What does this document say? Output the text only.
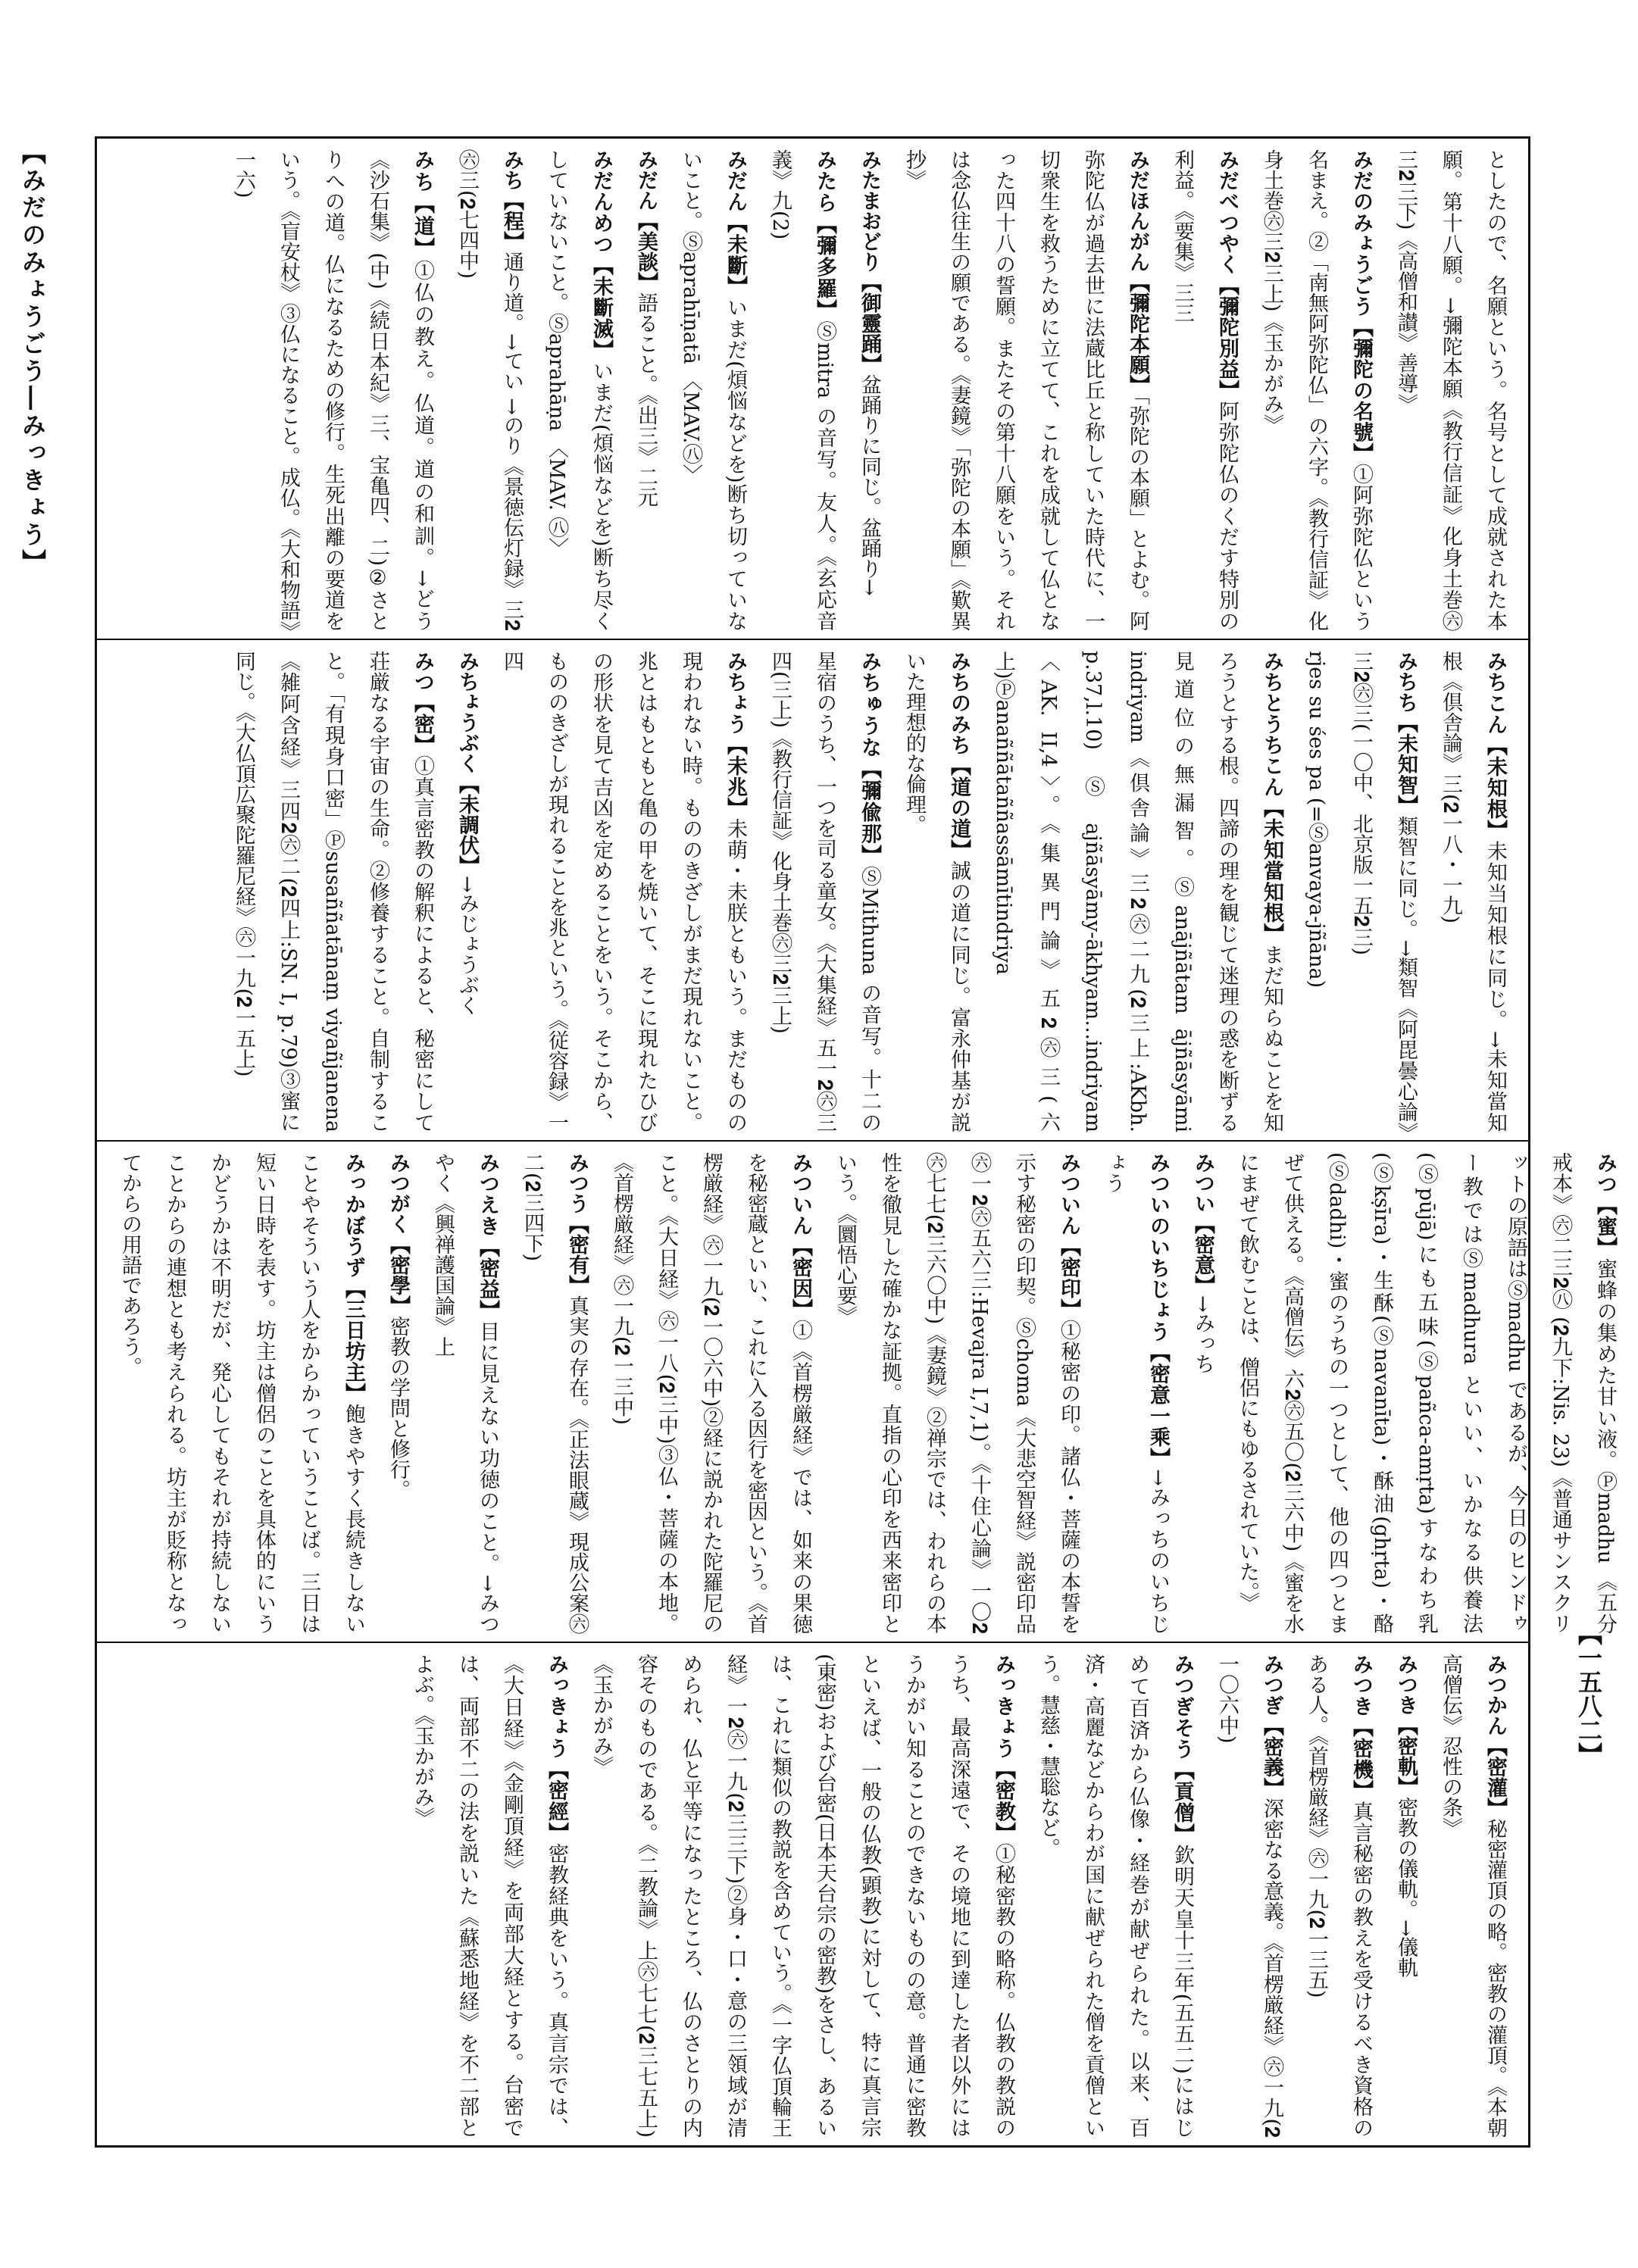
【みだのみょうごう―みっきょう】
【一五八二】

としたので、名願という。名号として成就された本願。第十八願。→彌陀本願《教行信証》化身土巻㊅三𝟐三下)《高僧和讃》善導》

みだのみょうごう【彌陀の名號】①阿弥陀仏という名まえ。②「南無阿弥陀仏」の六字。《教行信証》化身土巻㊅三𝟐三上)《玉かがみ》

みだべつやく【彌陀別益】阿弥陀仏のくだす特別の利益。《要集》三三

みだほんがん【彌陀本願】「弥陀の本願」とよむ。阿弥陀仏が過去世に法蔵比丘と称していた時代に、一切衆生を救うために立てて、これを成就して仏となった四十八の誓願。またその第十八願をいう。それは念仏往生の願である。《妻鏡》「弥陀の本願」《歎異抄》

みたまおどり【御靈踊】盆踊りに同じ。盆踊り→

みたら【彌多羅】Ⓢmitra の音写。友人。《玄応音義》九(2)

みだん【未斷】いまだ(煩悩などを)断ち切っていないこと。Ⓢaprahīṇatā 〈MAV.㊇〉

みだん【美談】語ること。《出三》二元

みだんめつ【未斷滅】いまだ(煩悩などを)断ち尽くしていないこと。Ⓢaprahāṇa 〈MAV. ㊇〉

みち【程】通り道。→てい →のり《景徳伝灯録》三𝟐㊅三(𝟐七四中)

みち【道】①仏の教え。仏道。道の和訓。→どう《沙石集》(中)《続日本紀》三、宝亀四、二)②さとりへの道。仏になるための修行。生死出離の要道をいう。《盲安杖》③仏になること。成仏。《大和物語》一六)

みちこん【未知根】未知当知根に同じ。→未知當知根《倶舎論》三(𝟐一八・一九)

みちち【未知智】類智に同じ。→類智《阿毘曇心論》三𝟐㊅三(一〇中、北京版一五𝟐三)

rjes su śes pa (=Ⓢanvaya-jñāna)

みちとうちこん【未知當知根】まだ知らぬことを知ろうとする根。四諦の理を観じて迷理の惑を断ずる見道位の無漏智。Ⓢanājñātam ājñāsyāmi indriyam《倶舎論》三𝟐㊅二九(𝟐三上:AKbh. p.37,l.10)Ⓢajñāsyāmy-ākhyam…indriyam 〈AK. II,4〉。《集異門論》五𝟐㊅三(六上)Ⓟanaññātaññassāmītindriya

みちのみち【道の道】誠の道に同じ。富永仲基が説いた理想的な倫理。

みちゅうな【彌偸那】ⓈMithuna の音写。十二の星宿のうち、一つを司る童女。《大集経》五一𝟐㊅三四(三上)《教行信証》化身土巻㊅三𝟐三上)

みちょう【未兆】未萌・未朕ともいう。まだものの現われない時。もののきざしがまだ現れないこと。兆とはもともと亀の甲を焼いて、そこに現れたひびの形状を見て吉凶を定めることをいう。そこから、もののきざしが現れることを兆という。《従容録》一四

みちょうぶく【未調伏】→みじょうぶく

みつ【密】①真言密教の解釈によると、秘密にして荘厳なる宇宙の生命。②修養すること。自制すること。「有現身口密」Ⓟsusaññatānaṃ viyañjanena《雑阿含経》三四𝟐㊅二(𝟐四上:SN. I, p.79)③蜜に同じ。《大仏頂広聚陀羅尼経》㊅一九(𝟐一五上)

みつ【蜜】蜜蜂の集めた甘い液。Ⓟmadhu 《五分戒本》㊅二三𝟐㊇ (𝟐九下:Nis. 23)《普通サンスクリットの原語はⓈmadhu であるが、今日のヒンドゥー教ではⓈmadhura といい、いかなる供養法(Ⓢpūjā)にも五味(Ⓢpañca-amṛta)すなわち乳(Ⓢkṣīra)・生酥(Ⓢnavanīta)・酥油(ghṛta)・酪(Ⓢdadhi)・蜜のうちの一つとして、他の四つとまぜて供える。《高僧伝》六𝟐㊅五〇(𝟐三六中)《蜜を水にまぜて飲むことは、僧侶にもゆるされていた。》

みつい【密意】→みっち

みついのいちじょう【密意一乘】→みっちのいちじょう

みついん【密印】①秘密の印。諸仏・菩薩の本誓を示す秘密の印契。Ⓢchoma《大悲空智経》説密印品㊅一𝟐㊅五六三:Hevajra I,7,1)。《十住心論》一〇𝟐㊅七七(𝟐三六〇中)《妻鏡》②禅宗では、われらの本性を徹見した確かな証拠。直指の心印を西来密印という。《圜悟心要》

みついん【密因】①《首楞厳経》では、如来の果徳を秘密蔵といい、これに入る因行を密因という。《首楞厳経》㊅一九(𝟐一〇六中)②経に説かれた陀羅尼のこと。《大日経》㊅一八(𝟐三中)③仏・菩薩の本地。《首楞厳経》㊅一九(𝟐一三中)

みつう【密有】真実の存在。《正法眼蔵》現成公案㊅二(𝟐三四下)

みつえき【密益】目に見えない功徳のこと。→みつやく《興禅護国論》上

みつがく【密學】密教の学問と修行。

みっかぼうず【三日坊主】飽きやすく長続きしないことやそういう人をからかっていうことば。三日は短い日時を表す。坊主は僧侶のことを具体的にいうかどうかは不明だが、発心してもそれが持続しないことからの連想とも考えられる。坊主が貶称となってからの用語であろう。

みつかん【密灌】秘密灌頂の略。密教の灌頂。《本朝高僧伝》忍性の条》

みつき【密軌】密教の儀軌。→儀軌

みつき【密機】真言秘密の教えを受けるべき資格のある人。《首楞厳経》㊅一九(𝟐一三五)

みつぎ【密義】深密なる意義。《首楞厳経》㊅一九(𝟐一〇六中)

みつぎそう【貢僧】欽明天皇十三年(五五二)にはじめて百済から仏像・経巻が献ぜられた。以来、百済・高麗などからわが国に献ぜられた僧を貢僧という。慧慈・慧聡など。

みっきょう【密教】①秘密教の略称。仏教の教説のうち、最高深遠で、その境地に到達した者以外にはうかがい知ることのできないものの意。普通に密教といえば、一般の仏教(顕教)に対して、特に真言宗(東密)および台密(日本天台宗の密教)をさし、あるいは、これに類似の教説を含めていう。《一字仏頂輪王経》一𝟐㊅一九(𝟐三三下)②身・口・意の三領域が清められ、仏と平等になったところ、仏のさとりの内容そのものである。《二教論》上㊅七七(𝟐三七五上)《玉かがみ》

みっきょう【密經】密教経典をいう。真言宗では、《大日経》《金剛頂経》を両部大経とする。台密では、両部不二の法を説いた《蘇悉地経》を不二部とよぶ。《玉かがみ》
